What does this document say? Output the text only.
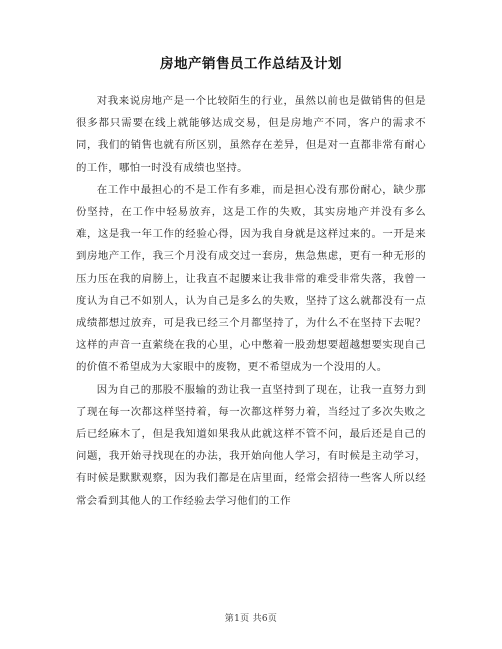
房地产销售员工作总结及计划

对我来说房地产是一个比较陌生的行业，虽然以前也是做销售的但是很多都只需要在线上就能够达成交易，但是房地产不同，客户的需求不同，我们的销售也就有所区别，虽然存在差异，但是对一直都非常有耐心的工作，哪怕一时没有成绩也坚持。

在工作中最担心的不是工作有多难，而是担心没有那份耐心，缺少那份坚持，在工作中轻易放弃，这是工作的失败，其实房地产并没有多么难，这是我一年工作的经验心得，因为我自身就是这样过来的。一开是来到房地产工作，我三个月没有成交过一套房，焦急焦虑，更有一种无形的压力压在我的肩膀上，让我直不起腰来让我非常的难受非常失落，我曾一度认为自己不如别人，认为自己是多么的失败，坚持了这么就都没有一点成绩都想过放弃，可是我已经三个月都坚持了，为什么不在坚持下去呢？这样的声音一直萦绕在我的心里，心中憋着一股劲想要超越想要实现自己的价值不希望成为大家眼中的废物，更不希望成为一个没用的人。

因为自己的那股不服输的劲让我一直坚持到了现在，让我一直努力到了现在每一次都这样坚持着，每一次都这样努力着，当经过了多次失败之后已经麻木了，但是我知道如果我从此就这样不管不问，最后还是自己的问题，我开始寻找现在的办法，我开始向他人学习，有时候是主动学习，有时候是默默观察，因为我们都是在店里面，经常会招待一些客人所以经常会看到其他人的工作经验去学习他们的工作

第1页 共6页
